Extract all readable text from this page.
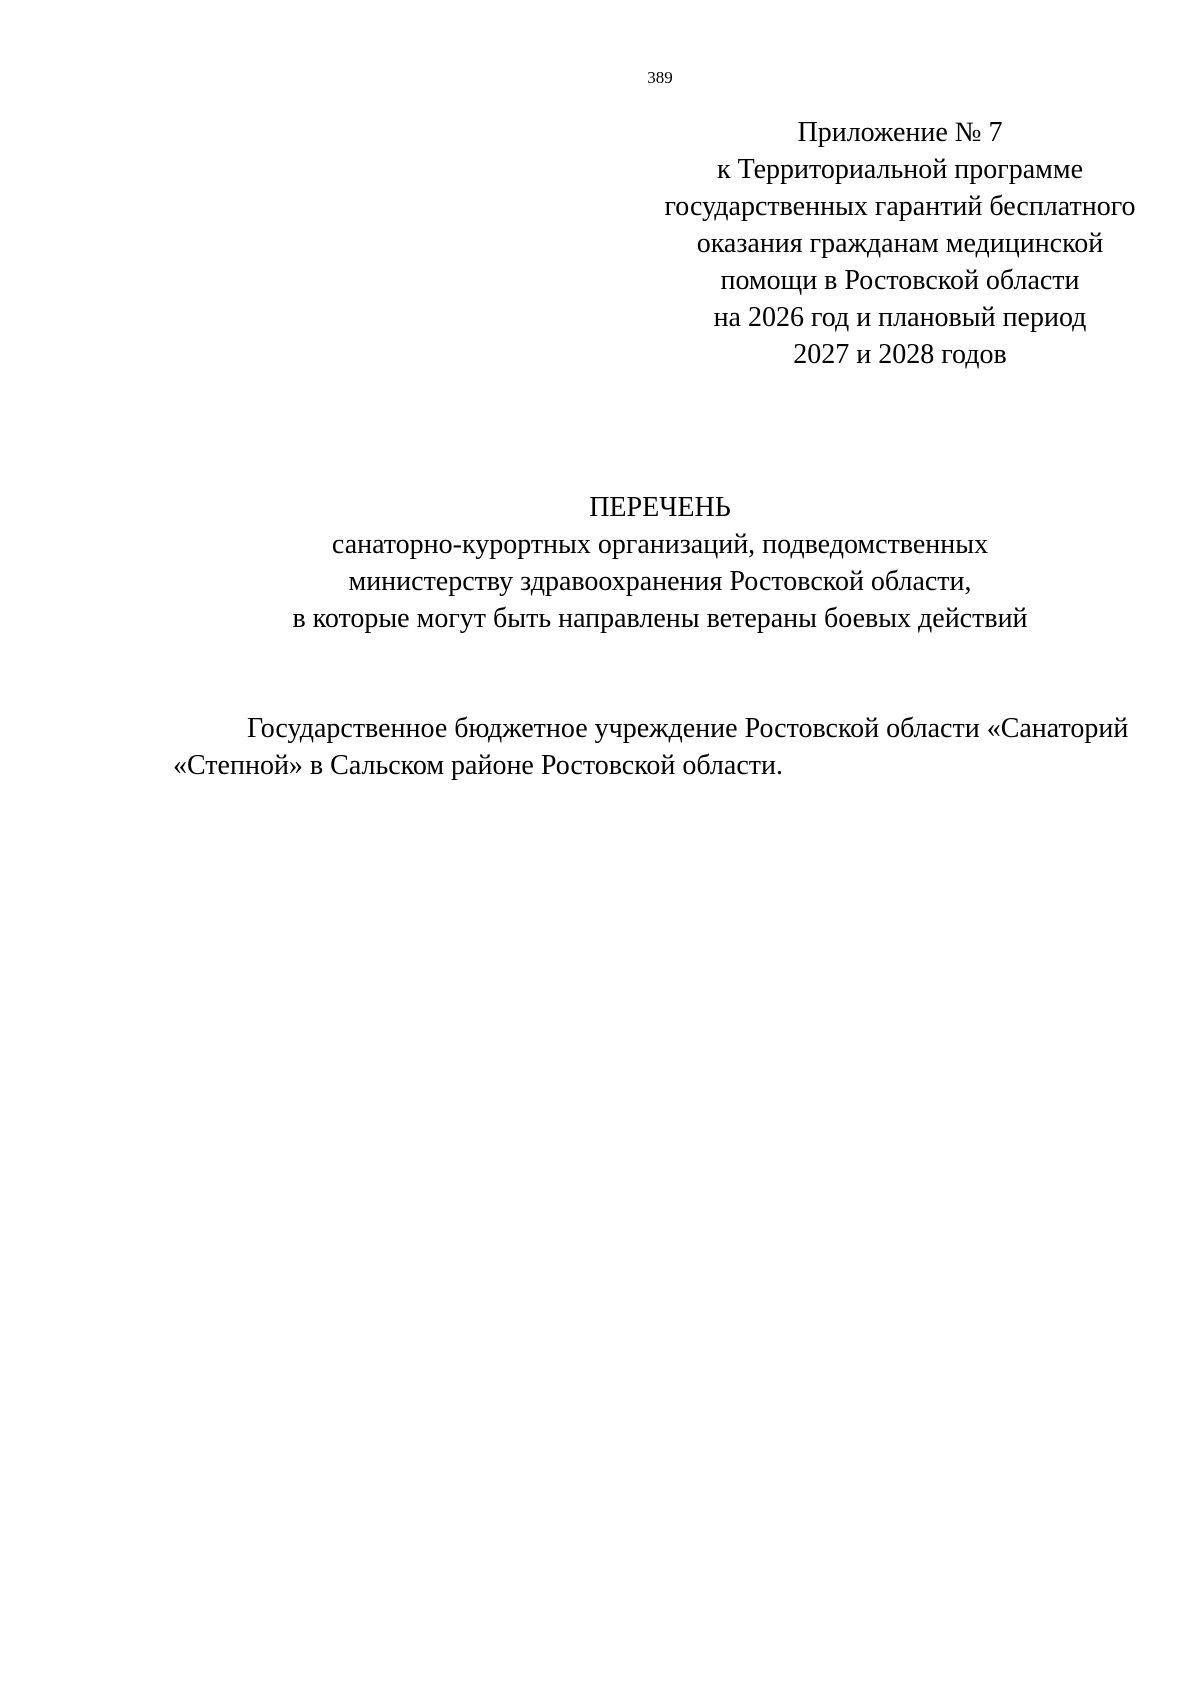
389
Приложение № 7
к Территориальной программе
государственных гарантий бесплатного
оказания гражданам медицинской
помощи в Ростовской области
на 2026 год и плановый период
2027 и 2028 годов
ПЕРЕЧЕНЬ
санаторно-курортных организаций, подведомственных
министерству здравоохранения Ростовской области,
в которые могут быть направлены ветераны боевых действий
Государственное бюджетное учреждение Ростовской области «Санаторий
«Степной» в Сальском районе Ростовской области.
